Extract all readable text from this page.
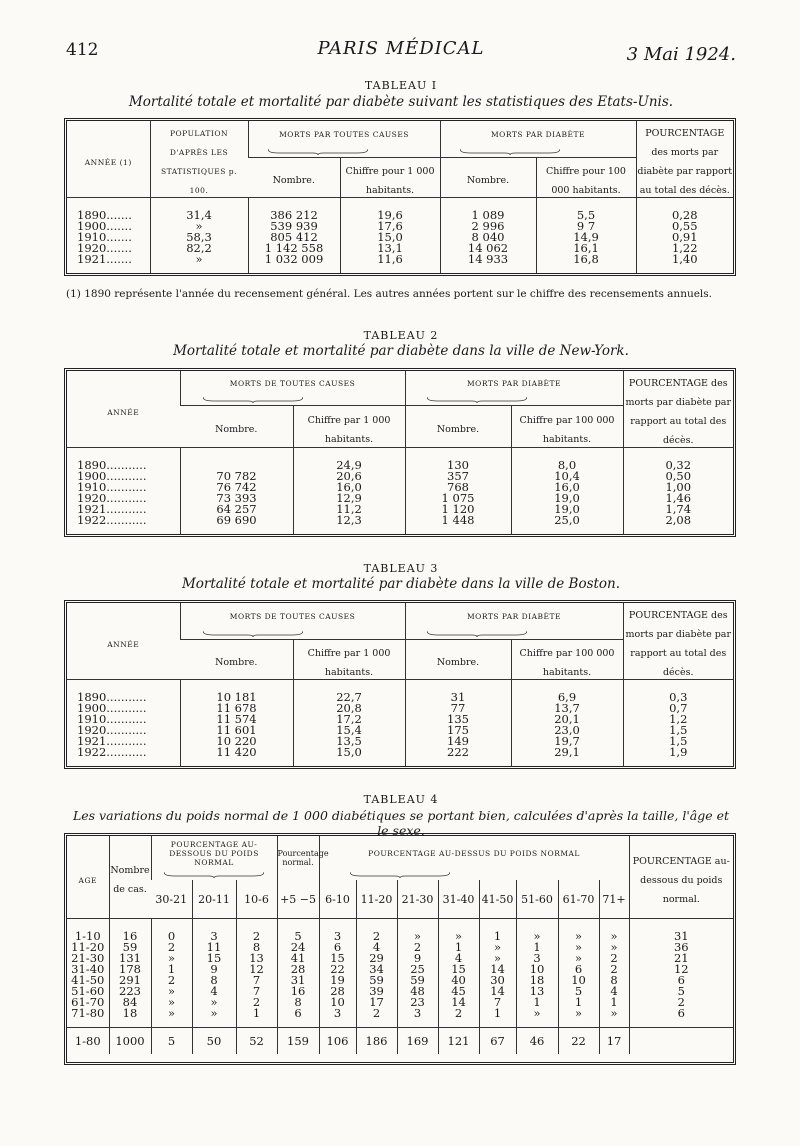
412	PARIS MÉDICAL	3 Mai 1924.
TABLEAU I
Mortalité totale et mortalité par diabète suivant les statistiques des Etats-Unis.
ANNÉE (1)	POPULATION D'APRÈS LES STATISTIQUES p. 100.	MORTS PAR TOUTES CAUSES		MORTS PAR DIABÈTE		POURCENTAGE des morts par diabète par rapport au total des décès.
		Nombre.	Chiffre pour 1 000 habitants.	Nombre.	Chiffre pour 100 000 habitants.	
1890.......	31,4	386 212	19,6	1 089	5,5	0,28
1900.......	»	539 939	17,6	2 996	9 7	0,55
1910.......	58,3	805 412	15,0	8 040	14,9	0,91
1920.......	82,2	1 142 558	13,1	14 062	16,1	1,22
1921.......	»	1 032 009	11,6	14 933	16,8	1,40
(1) 1890 représente l'année du recensement général. Les autres années portent sur le chiffre des recensements annuels.
TABLEAU 2
Mortalité totale et mortalité par diabète dans la ville de New-York.
ANNÉE	MORTS DE TOUTES CAUSES		MORTS PAR DIABÈTE		POURCENTAGE des morts par diabète par rapport au total des décès.
	Nombre.	Chiffre par 1 000 habitants.	Nombre.	Chiffre par 100 000 habitants.	
1890...........		24,9	130	8,0	0,32
1900...........	70 782	20,6	357	10,4	0,50
1910...........	76 742	16,0	768	16,0	1,00
1920...........	73 393	12,9	1 075	19,0	1,46
1921...........	64 257	11,2	1 120	19,0	1,74
1922...........	69 690	12,3	1 448	25,0	2,08
TABLEAU 3
Mortalité totale et mortalité par diabète dans la ville de Boston.
ANNÉE	MORTS DE TOUTES CAUSES		MORTS PAR DIABÈTE		POURCENTAGE des morts par diabète par rapport au total des décès.
	Nombre.	Chiffre par 1 000 habitants.	Nombre.	Chiffre par 100 000 habitants.	
1890...........	10 181	22,7	31	6,9	0,3
1900...........	11 678	20,8	77	13,7	0,7
1910...........	11 574	17,2	135	20,1	1,2
1920...........	11 601	15,4	175	23,0	1,5
1921...........	10 220	13,5	149	19,7	1,5
1922...........	11 420	15,0	222	29,1	1,9
TABLEAU 4
Les variations du poids normal de 1 000 diabétiques se portant bien, calculées d'après la taille, l'âge et le sexe.
AGE	Nombre de cas.	POURCENTAGE AU-DESSOUS DU POIDS NORMAL			Pourcentage normal.	POURCENTAGE AU-DESSUS DU POIDS NORMAL								POURCENTAGE au-dessous du poids normal.
		30-21	20-11	10-6	+5 −5	6-10	11-20	21-30	31-40	41-50	51-60	61-70	71+	
1-10	16	0	3	2	5	3	2	»	»	1	»	»	»	31
11-20	59	2	11	8	24	6	4	2	1	»	1	»	»	36
21-30	131	»	15	13	41	15	29	9	4	»	3	»	2	21
31-40	178	1	9	12	28	22	34	25	15	14	10	6	2	12
41-50	291	2	8	7	31	19	59	59	40	30	18	10	8	6
51-60	223	»	4	7	16	28	39	48	45	14	13	5	4	5
61-70	84	»	»	2	8	10	17	23	14	7	1	1	1	2
71-80	18	»	»	1	6	3	2	3	2	1	»	»	»	6
1-80	1000	5	50	52	159	106	186	169	121	67	46	22	17	
